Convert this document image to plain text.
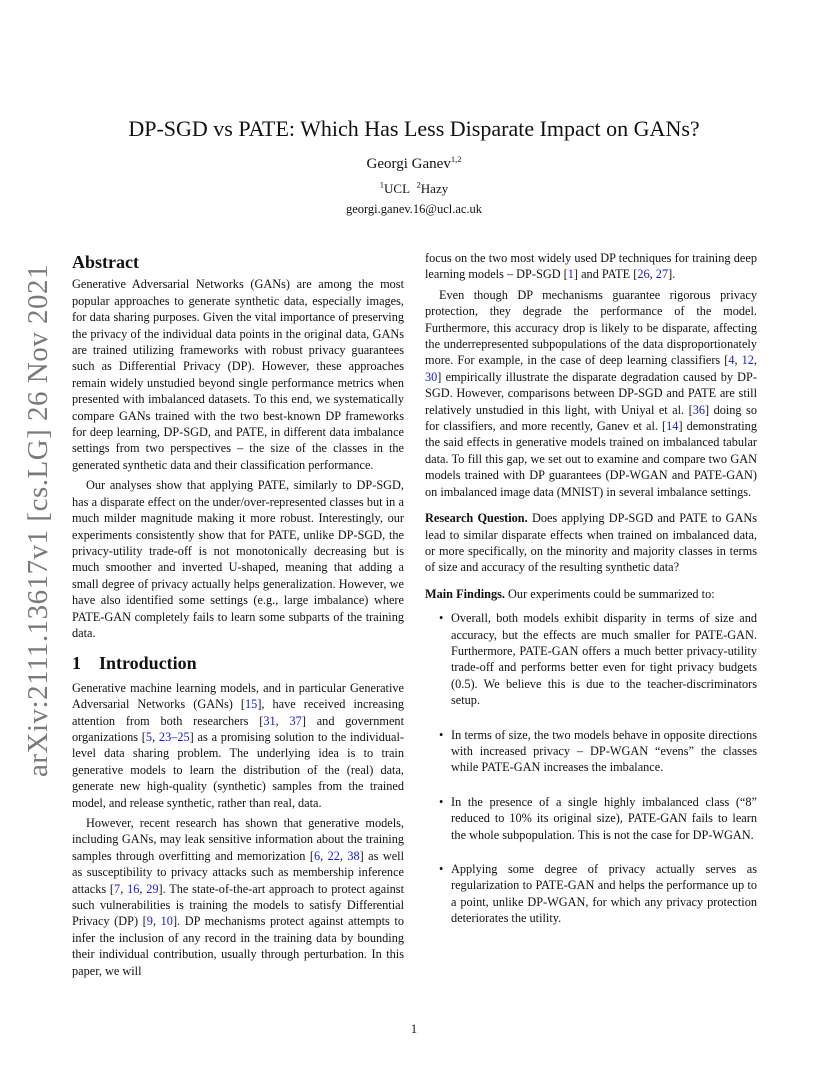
arXiv:2111.13617v1 [cs.LG] 26 Nov 2021
DP-SGD vs PATE: Which Has Less Disparate Impact on GANs?
Georgi Ganev$^{1,2}$
$^1$UCL $^2$Hazy
georgi.ganev.16@ucl.ac.uk
Abstract

Generative Adversarial Networks (GANs) are among the most popular approaches to generate synthetic data, especially images, for data sharing purposes. Given the vital importance of preserving the privacy of the individual data points in the original data, GANs are trained utilizing frameworks with robust privacy guarantees such as Differential Privacy (DP). However, these approaches remain widely unstudied beyond single performance metrics when presented with imbalanced datasets. To this end, we systematically compare GANs trained with the two best-known DP frameworks for deep learning, DP-SGD, and PATE, in different data imbalance settings from two perspectives – the size of the classes in the generated synthetic data and their classification performance.

Our analyses show that applying PATE, similarly to DP-SGD, has a disparate effect on the under/over-represented classes but in a much milder magnitude making it more robust. Interestingly, our experiments consistently show that for PATE, unlike DP-SGD, the privacy-utility trade-off is not monotonically decreasing but is much smoother and inverted U-shaped, meaning that adding a small degree of privacy actually helps generalization. However, we have also identified some settings (e.g., large imbalance) where PATE-GAN completely fails to learn some subparts of the training data.

1 Introduction

Generative machine learning models, and in particular Generative Adversarial Networks (GANs) [15], have received increasing attention from both researchers [31, 37] and government organizations [5, 23–25] as a promising solution to the individual-level data sharing problem. The underlying idea is to train generative models to learn the distribution of the (real) data, generate new high-quality (synthetic) samples from the trained model, and release synthetic, rather than real, data.

However, recent research has shown that generative models, including GANs, may leak sensitive information about the training samples through overfitting and memorization [6, 22, 38] as well as susceptibility to privacy attacks such as membership inference attacks [7, 16, 29]. The state-of-the-art approach to protect against such vulnerabilities is training the models to satisfy Differential Privacy (DP) [9, 10]. DP mechanisms protect against attempts to infer the inclusion of any record in the training data by bounding their individual contribution, usually through perturbation. In this paper, we will

focus on the two most widely used DP techniques for training deep learning models – DP-SGD [1] and PATE [26, 27].

Even though DP mechanisms guarantee rigorous privacy protection, they degrade the performance of the model. Furthermore, this accuracy drop is likely to be disparate, affecting the underrepresented subpopulations of the data disproportionately more. For example, in the case of deep learning classifiers [4, 12, 30] empirically illustrate the disparate degradation caused by DP-SGD. However, comparisons between DP-SGD and PATE are still relatively unstudied in this light, with Uniyal et al. [36] doing so for classifiers, and more recently, Ganev et al. [14] demonstrating the said effects in generative models trained on imbalanced tabular data. To fill this gap, we set out to examine and compare two GAN models trained with DP guarantees (DP-WGAN and PATE-GAN) on imbalanced image data (MNIST) in several imbalance settings.

Research Question. Does applying DP-SGD and PATE to GANs lead to similar disparate effects when trained on imbalanced data, or more specifically, on the minority and majority classes in terms of size and accuracy of the resulting synthetic data?

Main Findings. Our experiments could be summarized to:

• Overall, both models exhibit disparity in terms of size and accuracy, but the effects are much smaller for PATE-GAN. Furthermore, PATE-GAN offers a much better privacy-utility trade-off and performs better even for tight privacy budgets (0.5). We believe this is due to the teacher-discriminators setup.
• In terms of size, the two models behave in opposite directions with increased privacy – DP-WGAN “evens” the classes while PATE-GAN increases the imbalance.
• In the presence of a single highly imbalanced class (“8” reduced to 10% its original size), PATE-GAN fails to learn the whole subpopulation. This is not the case for DP-WGAN.
• Applying some degree of privacy actually serves as regularization to PATE-GAN and helps the performance up to a point, unlike DP-WGAN, for which any privacy protection deteriorates the utility.
1
